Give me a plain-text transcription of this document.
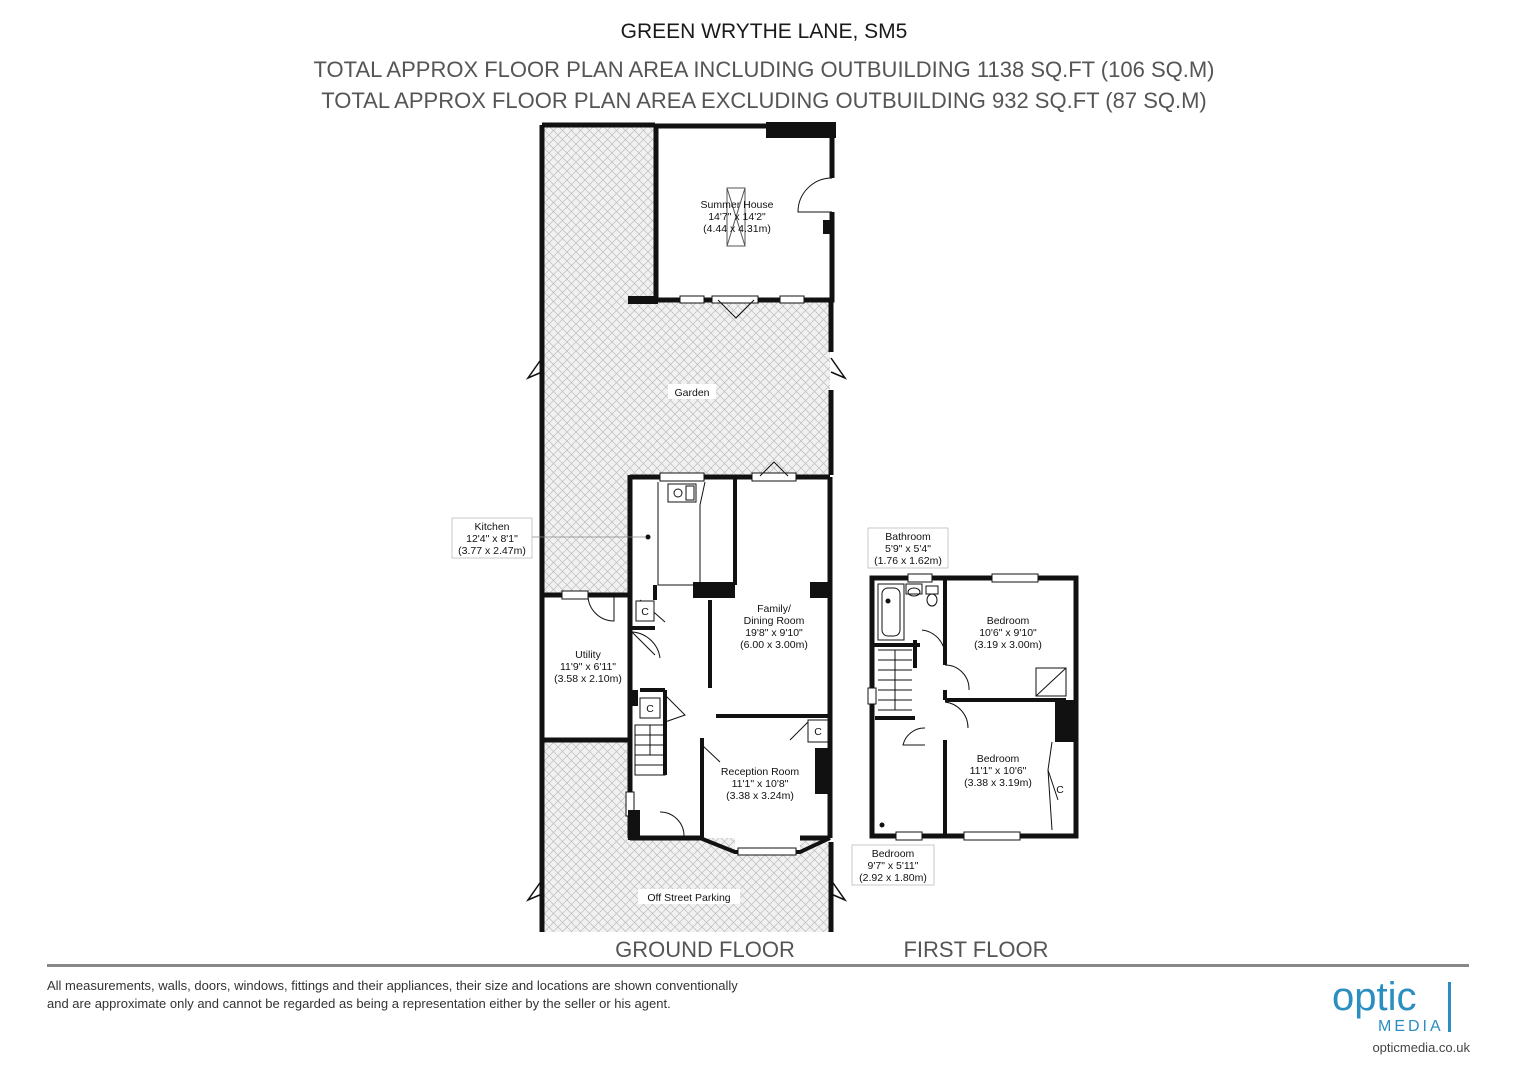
GREEN WRYTHE LANE, SM5
TOTAL APPROX FLOOR PLAN AREA INCLUDING OUTBUILDING 1138 SQ.FT (106 SQ.M)
TOTAL APPROX FLOOR PLAN AREA EXCLUDING OUTBUILDING 932 SQ.FT (87 SQ.M)
C
C
C
Summer House
14'7" x 14'2"
(4.44 x 4.31m)
Garden
Kitchen
12'4" x 8'1"
(3.77 x 2.47m)
Utility
11'9" x 6'11"
(3.58 x 2.10m)
Family/
Dining Room
19'8" x 9'10"
(6.00 x 3.00m)
Reception Room
11'1" x 10'8"
(3.38 x 3.24m)
Off Street Parking
C
Bathroom
5'9" x 5'4"
(1.76 x 1.62m)
Bedroom
10'6" x 9'10"
(3.19 x 3.00m)
Bedroom
11'1" x 10'6"
(3.38 x 3.19m)
Bedroom
9'7" x 5'11"
(2.92 x 1.80m)
GROUND FLOOR	FIRST FLOOR
All measurements, walls, doors, windows, fittings and their appliances, their size and locations are shown conventionally and are approximate only and cannot be regarded as being a representation either by the seller or his agent.	optic
MEDIA
opticmedia.co.uk
